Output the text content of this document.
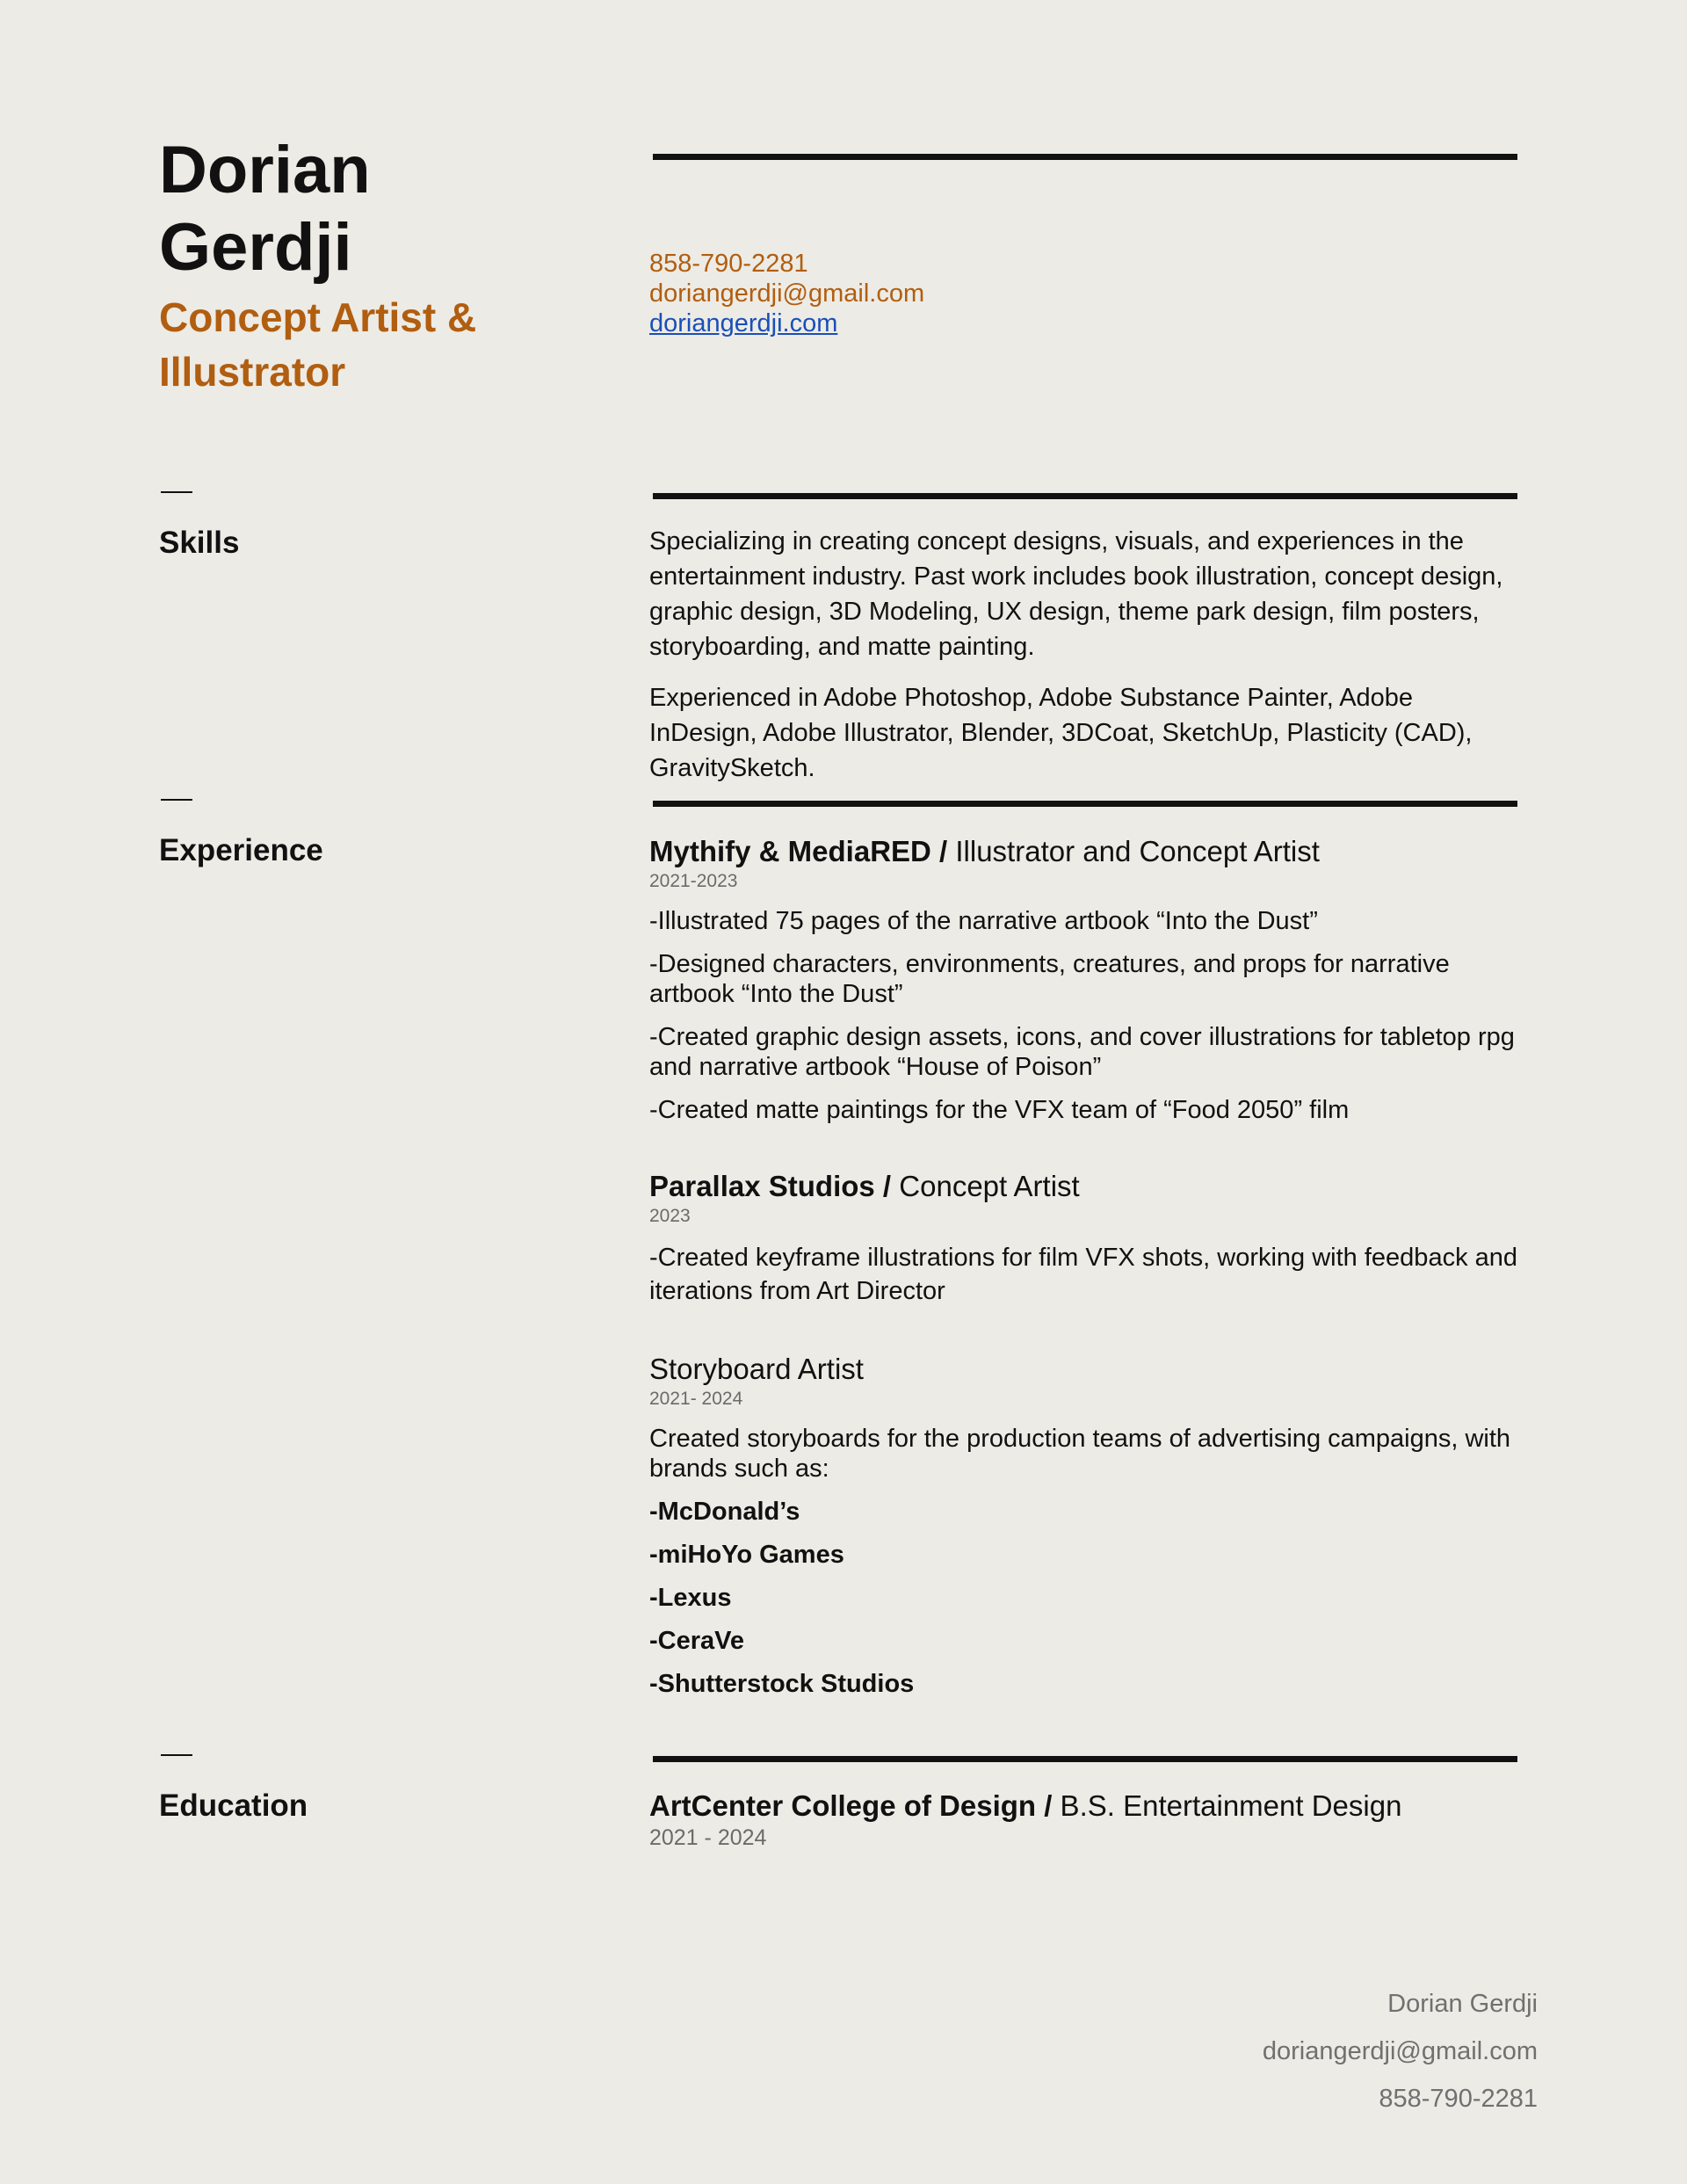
Dorian
Gerdji
Concept Artist &
Illustrator
858-790-2281
doriangerdji@gmail.com
doriangerdji.com
Skills	Specializing in creating concept designs, visuals, and experiences in the entertainment industry. Past work includes book illustration, concept design, graphic design, 3D Modeling, UX design, theme park design, film posters, storyboarding, and matte painting.

Experienced in Adobe Photoshop, Adobe Substance Painter, Adobe InDesign, Adobe Illustrator, Blender, 3DCoat, SketchUp, Plasticity (CAD), GravitySketch.

Experience	Mythify & MediaRED / Illustrator and Concept Artist
2021-2023

-Illustrated 75 pages of the narrative artbook “Into the Dust”

-Designed characters, environments, creatures, and props for narrative artbook “Into the Dust”

-Created graphic design assets, icons, and cover illustrations for tabletop rpg and narrative artbook “House of Poison”

-Created matte paintings for the VFX team of “Food 2050” film

Parallax Studios / Concept Artist
2023

-Created keyframe illustrations for film VFX shots, working with feedback and iterations from Art Director

Storyboard Artist
2021- 2024

Created storyboards for the production teams of advertising campaigns, with brands such as:

-McDonald’s

-miHoYo Games

-Lexus

-CeraVe

-Shutterstock Studios

Education	ArtCenter College of Design / B.S. Entertainment Design
2021 - 2024
Dorian Gerdji
doriangerdji@gmail.com
858-790-2281
